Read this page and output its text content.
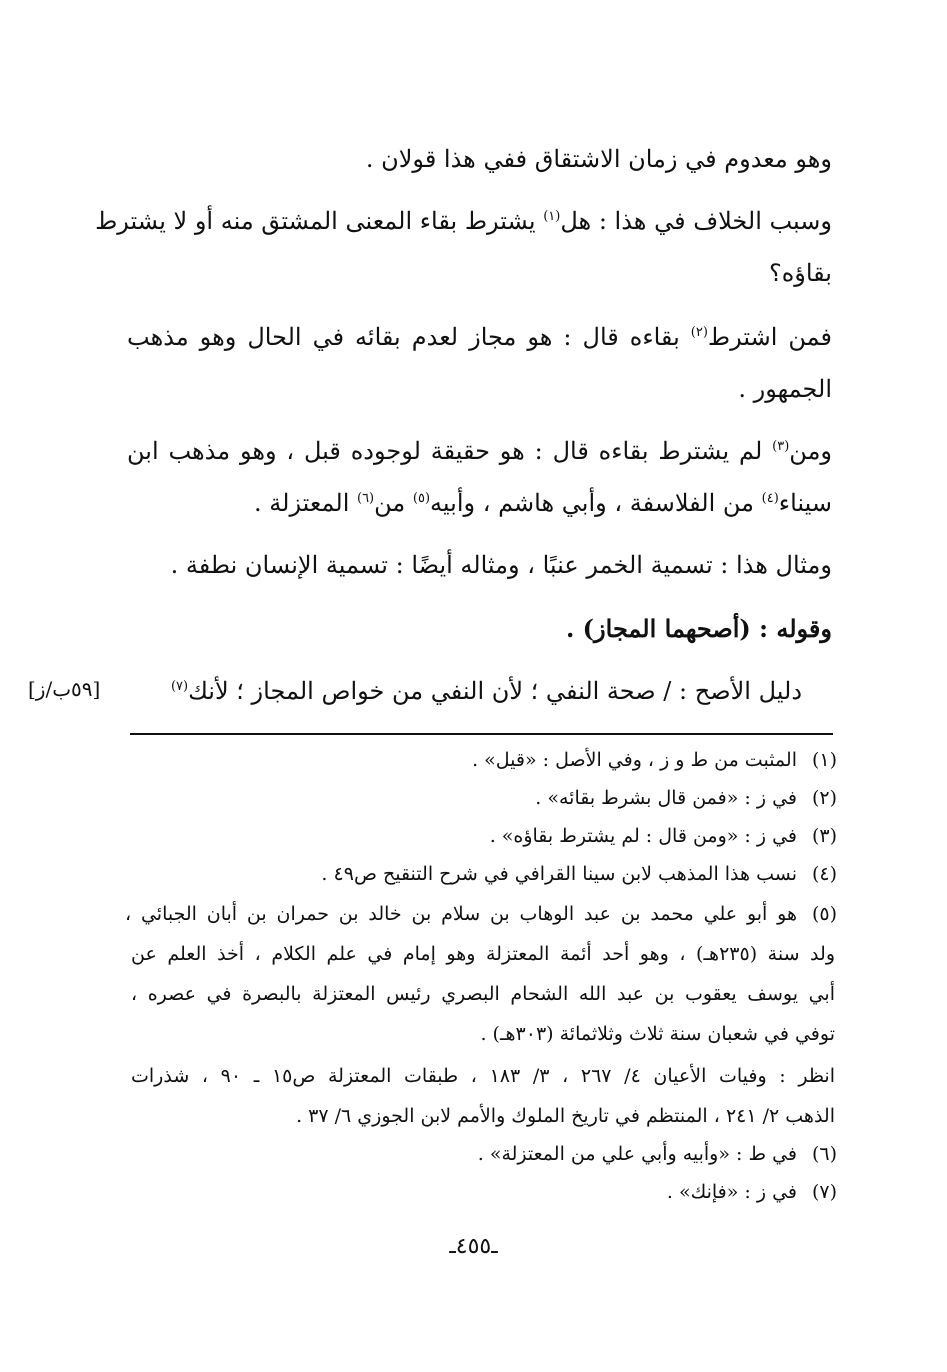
وهو معدوم في زمان الاشتقاق ففي هذا قولان .
وسبب الخلاف في هذا : هل$^{(١)}$ يشترط بقاء المعنى المشتق منه أو لا يشترط
بقاؤه؟
فمن اشترط$^{(٢)}$ بقاءه قال : هو مجاز لعدم بقائه في الحال وهو مذهب
الجمهور .
ومن$^{(٣)}$ لم يشترط بقاءه قال : هو حقيقة لوجوده قبل ، وهو مذهب ابن
سيناء$^{(٤)}$ من الفلاسفة ، وأبي هاشم ، وأبيه$^{(٥)}$ من$^{(٦)}$ المعتزلة .
ومثال هذا : تسمية الخمر عنبًا ، ومثاله أيضًا : تسمية الإنسان نطفة .
وقوله : (أصحهما المجاز) .
دليل الأصح : / صحة النفي ؛ لأن النفي من خواص المجاز ؛ لأنك$^{(٧)}$
[٥٩ب/ز]
(١)المثبت من ط و ز ، وفي الأصل : «قيل» .
(٢)في ز : «فمن قال بشرط بقائه» .
(٣)في ز : «ومن قال : لم يشترط بقاؤه» .
(٤)نسب هذا المذهب لابن سينا القرافي في شرح التنقيح ص٤٩ .
(٥)هو أبو علي محمد بن عبد الوهاب بن سلام بن خالد بن حمران بن أبان الجبائي ،
ولد سنة (٢٣٥هـ) ، وهو أحد أئمة المعتزلة وهو إمام في علم الكلام ، أخذ العلم عن
أبي يوسف يعقوب بن عبد الله الشحام البصري رئيس المعتزلة بالبصرة في عصره ،
توفي في شعبان سنة ثلاث وثلاثمائة (٣٠٣هـ) .
انظر : وفيات الأعيان ٤/ ٢٦٧ ، ٣/ ١٨٣ ، طبقات المعتزلة ص١٥ ـ ٩٠ ، شذرات
الذهب ٢/ ٢٤١ ، المنتظم في تاريخ الملوك والأمم لابن الجوزي ٦/ ٣٧ .
(٦)في ط : «وأبيه وأبي علي من المعتزلة» .
(٧)في ز : «فإنك» .
ـ٤٥٥ـ
